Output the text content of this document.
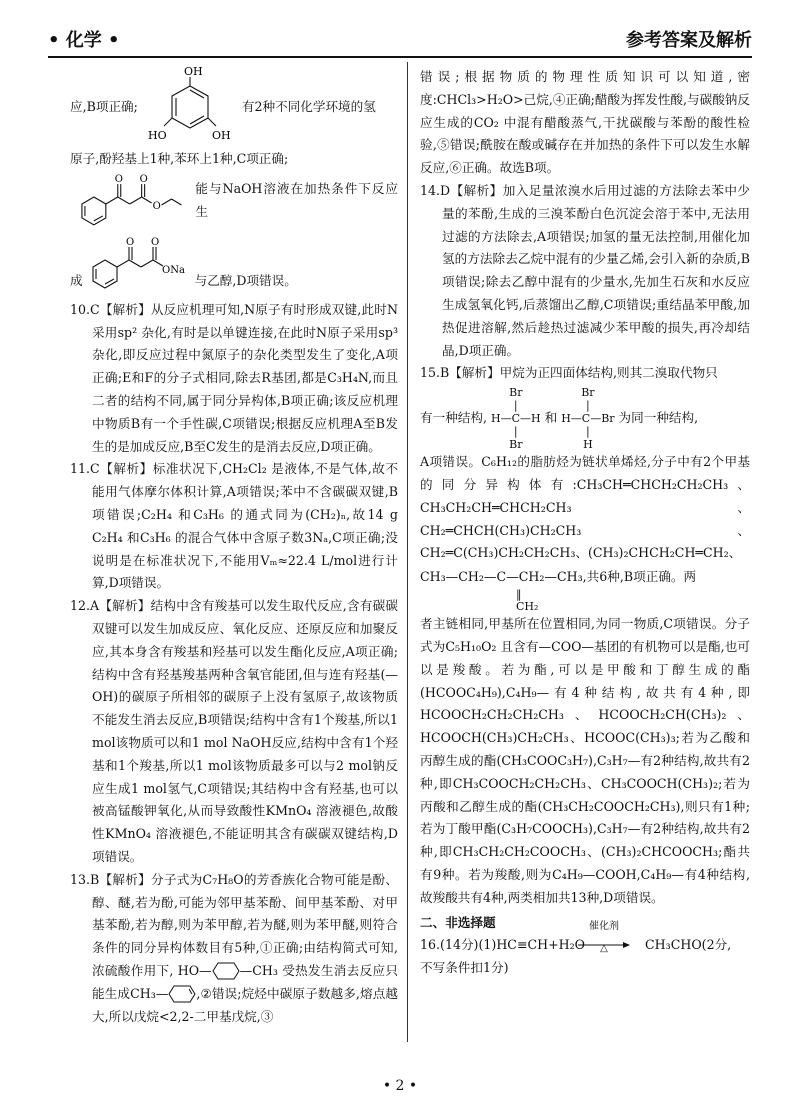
• 化学 •	参考答案及解析
应,B项正确;
OH
HO	OH
有2种不同化学环境的氢

原子,酚羟基上1种,苯环上1种,C项正确;

O O
O
能与NaOH溶液在加热条件下反应生
成
O O
ONa
与乙醇,D项错误。

10.C【解析】从反应机理可知,N原子有时形成双键,此时N采用sp² 杂化,有时是以单键连接,在此时N原子采用sp³ 杂化,即反应过程中氮原子的杂化类型发生了变化,A项正确;E和F的分子式相同,除去R基团,都是C₃H₄N,而且二者的结构不同,属于同分异构体,B项正确;该反应机理中物质B有一个手性碳,C项错误;根据反应机理A至B发生的是加成反应,B至C发生的是消去反应,D项正确。

11.C【解析】标准状况下,CH₂Cl₂ 是液体,不是气体,故不能用气体摩尔体积计算,A项错误;苯中不含碳碳双键,B项错误;C₂H₄ 和C₃H₆ 的通式同为(CH₂)ₙ,故14 g C₂H₄ 和C₃H₆ 的混合气体中含原子数3Nₐ,C项正确;没说明是在标准状况下,不能用Vₘ≈22.4 L/mol进行计算,D项错误。

12.A【解析】结构中含有羧基可以发生取代反应,含有碳碳双键可以发生加成反应、氧化反应、还原反应和加聚反应,其本身含有羧基和羟基可以发生酯化反应,A项正确;结构中含有羟基羧基两种含氧官能团,但与连有羟基(—OH)的碳原子所相邻的碳原子上没有氢原子,故该物质不能发生消去反应,B项错误;结构中含有1个羧基,所以1 mol该物质可以和1 mol NaOH反应,结构中含有1个羟基和1个羧基,所以1 mol该物质最多可以与2 mol钠反应生成1 mol氢气,C项错误;其结构中含有羟基,也可以被高锰酸钾氧化,从而导致酸性KMnO₄ 溶液褪色,故酸性KMnO₄ 溶液褪色,不能证明其含有碳碳双键结构,D项错误。

13.B【解析】分子式为C₇H₈O的芳香族化合物可能是酚、醇、醚,若为酚,可能为邻甲基苯酚、间甲基苯酚、对甲基苯酚,若为醇,则为苯甲醇,若为醚,则为苯甲醚,则符合条件的同分异构体数目有5种,①正确;由结构简式可知,浓硫酸作用下, HO— —CH₃ 受热发生消去反应只能生成CH₃— ,②错误;烷烃中碳原子数越多,熔点越大,所以戊烷<2,2-二甲基戊烷,③

错误;根据物质的物理性质知识可以知道,密度:CHCl₃>H₂O>己烷,④正确;醋酸为挥发性酸,与碳酸钠反应生成的CO₂ 中混有醋酸蒸气,干扰碳酸与苯酚的酸性检验,⑤错误;酰胺在酸或碱存在并加热的条件下可以发生水解反应,⑥正确。故选B项。

14.D【解析】加入足量浓溴水后用过滤的方法除去苯中少量的苯酚,生成的三溴苯酚白色沉淀会溶于苯中,无法用过滤的方法除去,A项错误;加氢的量无法控制,用催化加氢的方法除去乙烷中混有的少量乙烯,会引入新的杂质,B项错误;除去乙醇中混有的少量水,先加生石灰和水反应生成氢氧化钙,后蒸馏出乙醇,C项错误;重结晶苯甲酸,加热促进溶解,然后趁热过滤减少苯甲酸的损失,再冷却结晶,D项正确。

15.B【解析】甲烷为正四面体结构,则其二溴取代物只

有一种结构,
Br
|
H—C—H
|
Br
和
Br
|
H—C—Br
|
H
为同一种结构,

A项错误。C₆H₁₂的脂肪烃为链状单烯烃,分子中有2个甲基的同分异构体有:CH₃CH═CHCH₂CH₂CH₃、CH₃CH₂CH═CHCH₂CH₃、CH₂═CHCH(CH₃)CH₂CH₃、CH₂═C(CH₃)CH₂CH₂CH₃、(CH₃)₂CHCH₂CH═CH₂、

CH₃—CH₂—C—CH₂—CH₃,共6种,B项正确。两

‖
CH₂

者主链相同,甲基所在位置相同,为同一物质,C项错误。分子式为C₅H₁₀O₂ 且含有—COO—基团的有机物可以是酯,也可以是羧酸。若为酯,可以是甲酸和丁醇生成的酯(HCOOC₄H₉),C₄H₉—有4种结构,故共有4种,即HCOOCH₂CH₂CH₂CH₃、HCOOCH₂CH(CH₃)₂、HCOOCH(CH₃)CH₂CH₃、HCOOC(CH₃)₃;若为乙酸和丙醇生成的酯(CH₃COOC₃H₇),C₃H₇—有2种结构,故共有2种,即CH₃COOCH₂CH₂CH₃、CH₃COOCH(CH₃)₂;若为丙酸和乙醇生成的酯(CH₃CH₂COOCH₂CH₃),则只有1种;若为丁酸甲酯(C₃H₇COOCH₃),C₃H₇—有2种结构,故共有2种,即CH₃CH₂CH₂COOCH₃、(CH₃)₂CHCOOCH₃;酯共有9种。若为羧酸,则为C₄H₉—COOH,C₄H₉—有4种结构,故羧酸共有4种,两类相加共13种,D项错误。

二、非选择题

16.(14分)(1)HC≡CH+H₂O
催化剂
△	CH₃CHO(2分,

不写条件扣1分)

• 2 •
